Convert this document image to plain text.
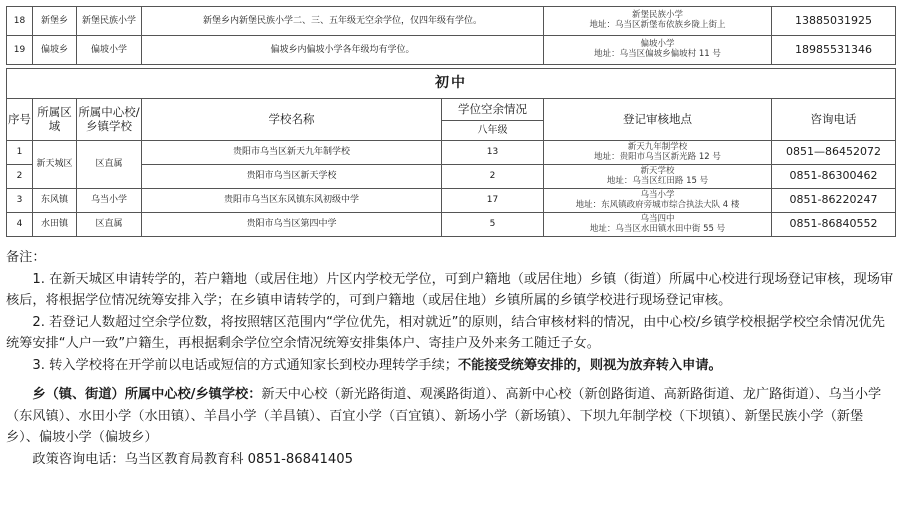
18	新堡乡	新堡民族小学	新堡乡内新堡民族小学二、三、五年级无空余学位，仅四年级有学位。	新堡民族小学
地址：乌当区新堡布依族乡陇上街上	13885031925
19	偏坡乡	偏坡小学	偏坡乡内偏坡小学各年级均有学位。	偏坡小学
地址：乌当区偏坡乡偏坡村 11 号	18985531346
初中						
序号	所属区域	所属中心校/乡镇学校	学校名称	学位空余情况	登记审核地点	咨询电话
				八年级		
1	新天城区	区直属	贵阳市乌当区新天九年制学校	13	新天九年制学校
地址：贵阳市乌当区新光路 12 号	0851—86452072
2			贵阳市乌当区新天学校	2	新天学校
地址：乌当区红田路 15 号	0851-86300462
3	东风镇	乌当小学	贵阳市乌当区东风镇东风初级中学	17	乌当小学
地址：东风镇政府旁城市综合执法大队 4 楼	0851-86220247
4	水田镇	区直属	贵阳市乌当区第四中学	5	乌当四中
地址：乌当区水田镇水田中街 55 号	0851-86840552

备注：

1. 在新天城区申请转学的，若户籍地（或居住地）片区内学校无学位，可到户籍地（或居住地）乡镇（街道）所属中心校进行现场登记审核，现场审核后，将根据学位情况统筹安排入学；在乡镇申请转学的，可到户籍地（或居住地）乡镇所属的乡镇学校进行现场登记审核。

2. 若登记人数超过空余学位数，将按照辖区范围内“学位优先，相对就近”的原则，结合审核材料的情况，由中心校/乡镇学校根据学校空余情况优先统筹安排“人户一致”户籍生，再根据剩余学位空余情况统筹安排集体户、寄挂户及外来务工随迁子女。

3. 转入学校将在开学前以电话或短信的方式通知家长到校办理转学手续；不能接受统筹安排的，则视为放弃转入申请。

乡（镇、街道）所属中心校/乡镇学校：新天中心校（新光路街道、观溪路街道）、高新中心校（新创路街道、高新路街道、龙广路街道）、乌当小学（东风镇）、水田小学（水田镇）、羊昌小学（羊昌镇）、百宜小学（百宜镇）、新场小学（新场镇）、下坝九年制学校（下坝镇）、新堡民族小学（新堡乡）、偏坡小学（偏坡乡）

政策咨询电话：乌当区教育局教育科 0851-86841405
